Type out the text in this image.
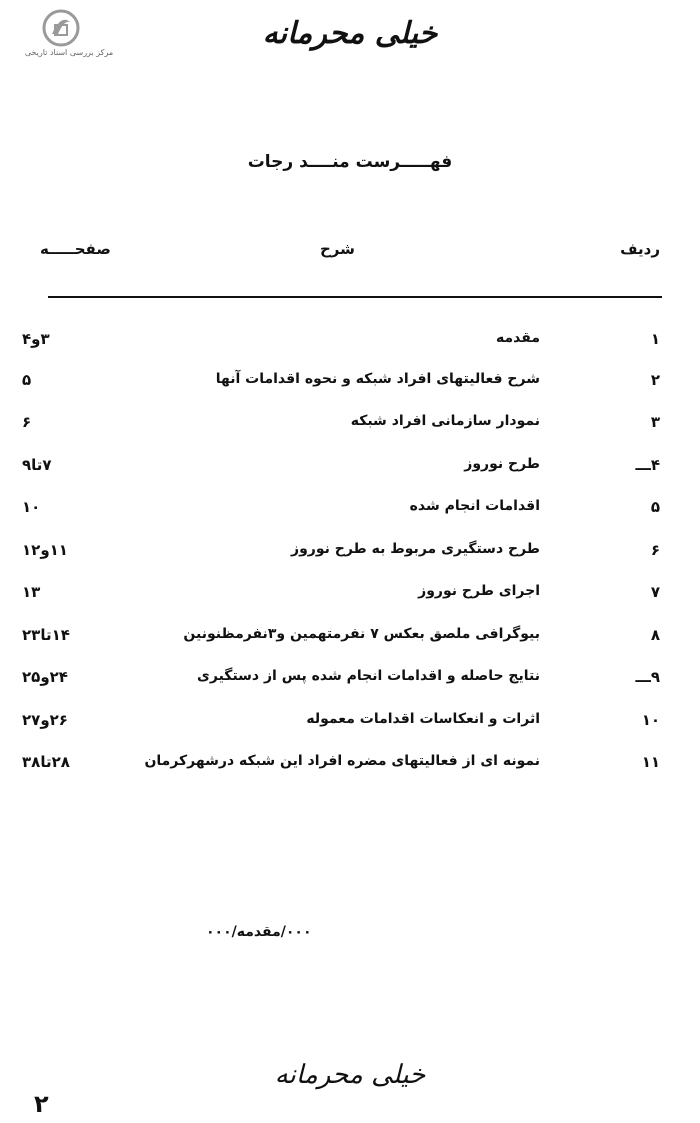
مرکز بررسی اسناد تاریخی
خیلی محرمانه
فهـــــرست منــــد رجات
ردیف
شرح
صفحـــــه
۱
مقدمه
۳و۴
۲
شرح فعالیتهای افراد شبکه و نحوه اقدامات آنها
۵
۳
نمودار سازمانی افراد شبکه
۶
۴ـــ
طرح نوروز
۷تا۹
۵
اقدامات انجام شده
۱۰
۶
طرح دستگیری مربوط به طرح نوروز
۱۱و۱۲
۷
اجرای طرح نوروز
۱۳
۸
بیوگرافی ملصق بعکس ۷ نفرمتهمین و۳نفرمظنونین
۱۴تا۲۳
۹ـــ
نتایج حاصله و اقدامات انجام شده پس از دستگیری
۲۴و۲۵
۱۰
اثرات و انعکاسات اقدامات معموله
۲۶و۲۷
۱۱
نمونه ای از فعالیتهای مضره افراد این شبکه درشهرکرمان
۲۸تا۳۸
۰۰۰/مقدمه/۰۰۰
خیلی محرمانه
۲
